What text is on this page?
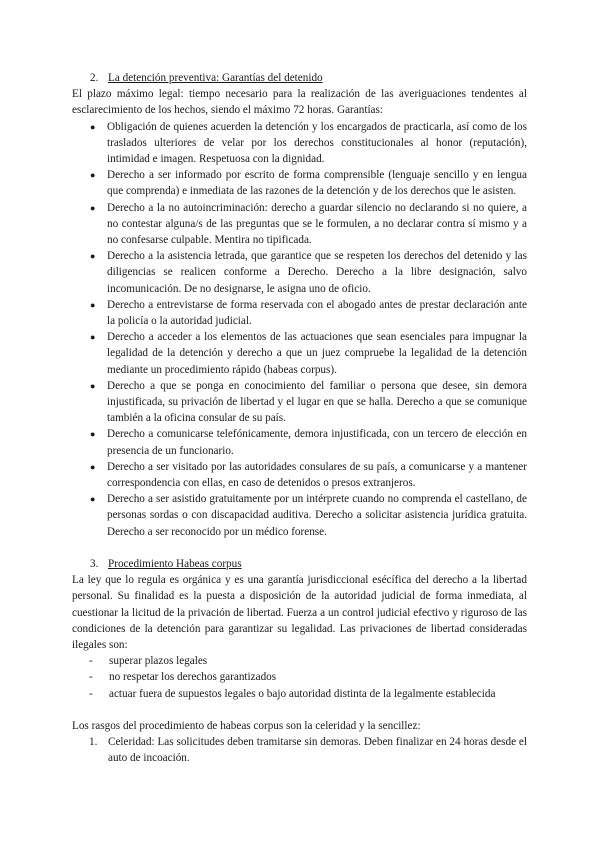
2. La detención preventiva: Garantías del detenido

El plazo máximo legal: tiempo necesario para la realización de las averiguaciones tendentes al esclarecimiento de los hechos, siendo el máximo 72 horas. Garantías:

● Obligación de quienes acuerden la detención y los encargados de practicarla, así como de los traslados ulteriores de velar por los derechos constitucionales al honor (reputación), intimidad e imagen. Respetuosa con la dignidad.
● Derecho a ser informado por escrito de forma comprensible (lenguaje sencillo y en lengua que comprenda) e inmediata de las razones de la detención y de los derechos que le asisten.
● Derecho a la no autoincriminación: derecho a guardar silencio no declarando si no quiere, a no contestar alguna/s de las preguntas que se le formulen, a no declarar contra sí mismo y a no confesarse culpable. Mentira no tipificada.
● Derecho a la asistencia letrada, que garantice que se respeten los derechos del detenido y las diligencias se realicen conforme a Derecho. Derecho a la libre designación, salvo incomunicación. De no designarse, le asigna uno de oficio.
● Derecho a entrevistarse de forma reservada con el abogado antes de prestar declaración ante la policía o la autoridad judicial.
● Derecho a acceder a los elementos de las actuaciones que sean esenciales para impugnar la legalidad de la detención y derecho a que un juez compruebe la legalidad de la detención mediante un procedimiento rápido (habeas corpus).
● Derecho a que se ponga en conocimiento del familiar o persona que desee, sin demora injustificada, su privación de libertad y el lugar en que se halla. Derecho a que se comunique también a la oficina consular de su país.
● Derecho a comunicarse telefónicamente, demora injustificada, con un tercero de elección en presencia de un funcionario.
● Derecho a ser visitado por las autoridades consulares de su país, a comunicarse y a mantener correspondencia con ellas, en caso de detenidos o presos extranjeros.
● Derecho a ser asistido gratuitamente por un intérprete cuando no comprenda el castellano, de personas sordas o con discapacidad auditiva. Derecho a solicitar asistencia jurídica gratuita. Derecho a ser reconocido por un médico forense.
3. Procedimiento Habeas corpus

La ley que lo regula es orgánica y es una garantía jurisdiccional esécífica del derecho a la libertad personal. Su finalidad es la puesta a disposición de la autoridad judicial de forma inmediata, al cuestionar la licitud de la privación de libertad. Fuerza a un control judicial efectivo y riguroso de las condiciones de la detención para garantizar su legalidad. Las privaciones de libertad consideradas ilegales son:

- superar plazos legales
- no respetar los derechos garantizados
- actuar fuera de supuestos legales o bajo autoridad distinta de la legalmente establecida

Los rasgos del procedimiento de habeas corpus son la celeridad y la sencillez:

1. Celeridad: Las solicitudes deben tramitarse sin demoras. Deben finalizar en 24 horas desde el auto de incoación.
